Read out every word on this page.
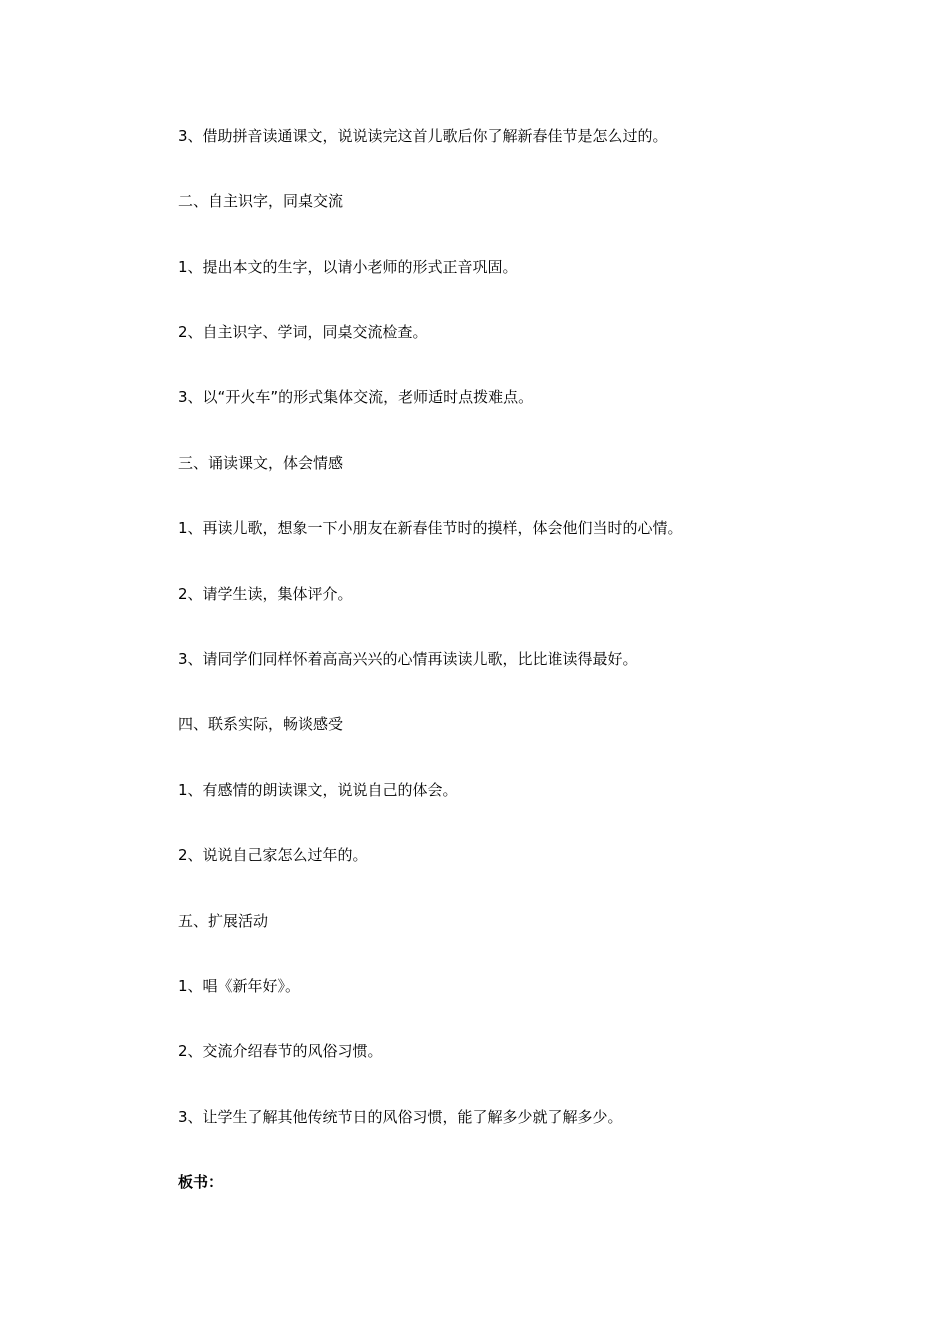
3、借助拼音读通课文，说说读完这首儿歌后你了解新春佳节是怎么过的。
二、自主识字，同桌交流
1、提出本文的生字，以请小老师的形式正音巩固。
2、自主识字、学词，同桌交流检查。
3、以“开火车”的形式集体交流，老师适时点拨难点。
三、诵读课文，体会情感
1、再读儿歌，想象一下小朋友在新春佳节时的摸样，体会他们当时的心情。
2、请学生读，集体评介。
3、请同学们同样怀着高高兴兴的心情再读读儿歌，比比谁读得最好。
四、联系实际，畅谈感受
1、有感情的朗读课文，说说自己的体会。
2、说说自己家怎么过年的。
五、扩展活动
1、唱《新年好》。
2、交流介绍春节的风俗习惯。
3、让学生了解其他传统节日的风俗习惯，能了解多少就了解多少。
板书：
